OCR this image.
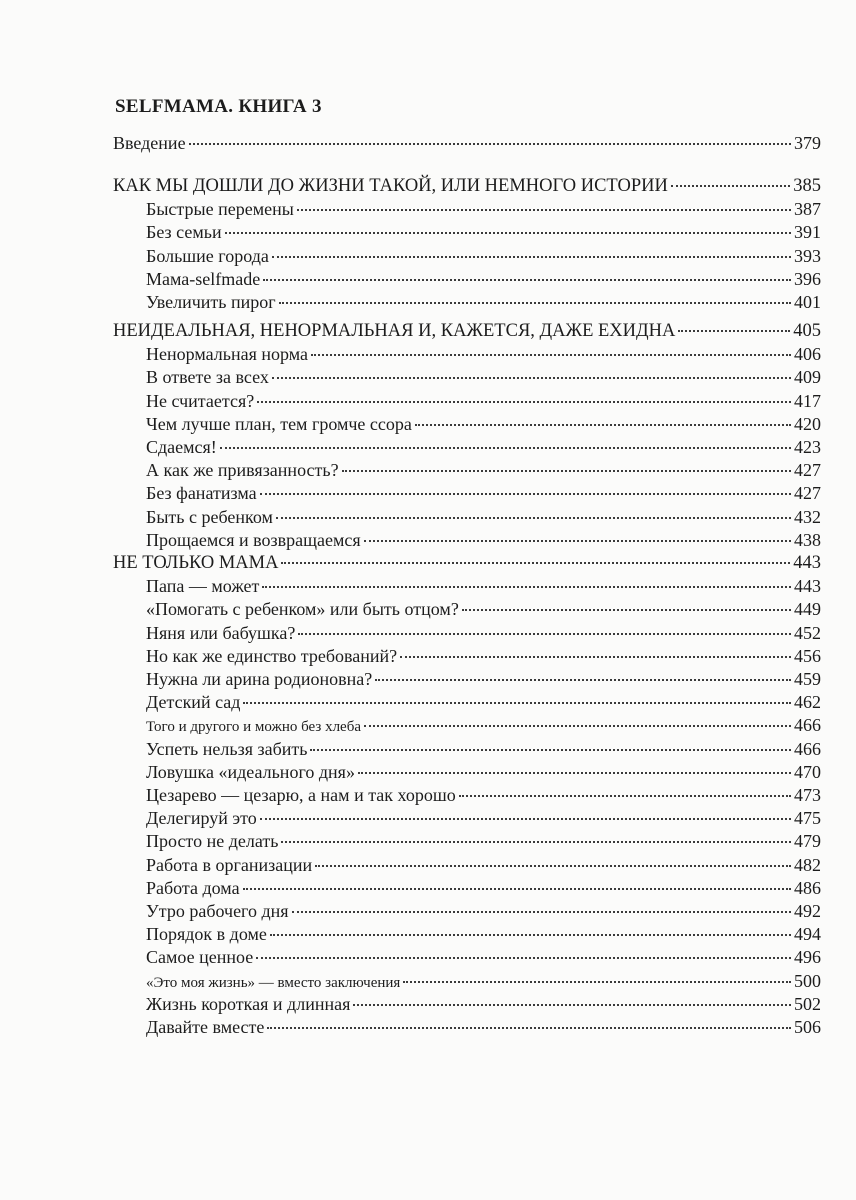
SELFMAMA. КНИГА 3
Введение	379
КАК МЫ ДОШЛИ ДО ЖИЗНИ ТАКОЙ, ИЛИ НЕМНОГО ИСТОРИИ	385
Быстрые перемены	387
Без семьи	391
Большие города	393
Мама-selfmade	396
Увеличить пирог	401
НЕИДЕАЛЬНАЯ, НЕНОРМАЛЬНАЯ И, КАЖЕТСЯ, ДАЖЕ ЕХИДНА	405
Ненормальная норма	406
В ответе за всех	409
Не считается?	417
Чем лучше план, тем громче ссора	420
Сдаемся!	423
А как же привязанность?	427
Без фанатизма	427
Быть с ребенком	432
Прощаемся и возвращаемся	438
НЕ ТОЛЬКО МАМА	443
Папа — может	443
«Помогать с ребенком» или быть отцом?	449
Няня или бабушка?	452
Но как же единство требований?	456
Нужна ли арина родионовна?	459
Детский сад	462
Того и другого и можно без хлеба	466
Успеть нельзя забить	466
Ловушка «идеального дня»	470
Цезарево — цезарю, а нам и так хорошо	473
Делегируй это	475
Просто не делать	479
Работа в организации	482
Работа дома	486
Утро рабочего дня	492
Порядок в доме	494
Самое ценное	496
«Это моя жизнь» — вместо заключения	500
Жизнь короткая и длинная	502
Давайте вместе	506
